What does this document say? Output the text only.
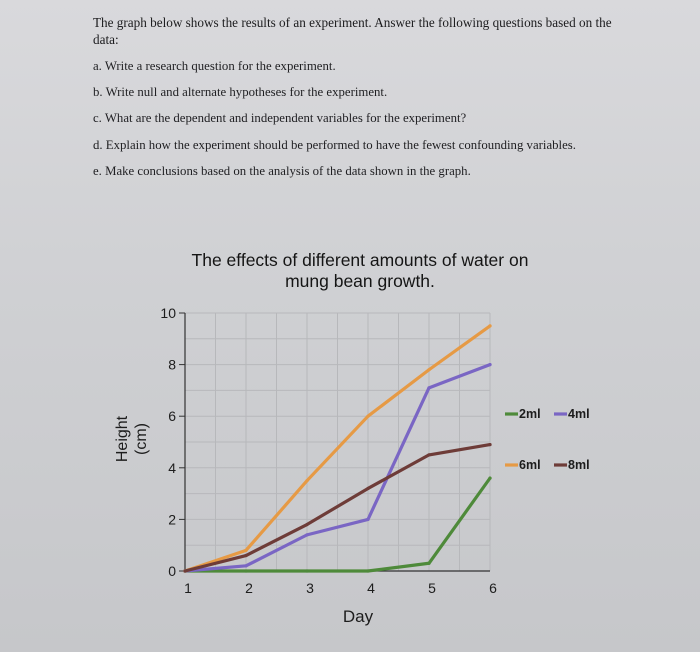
The graph below shows the results of an experiment. Answer the following questions based on the data:
a. Write a research question for the experiment.
b. Write null and alternate hypotheses for the experiment.
c. What are the dependent and independent variables for the experiment?
d. Explain how the experiment should be performed to have the fewest confounding variables.
e. Make conclusions based on the analysis of the data shown in the graph.
The effects of different amounts of water on
mung bean growth.
0
2
4
6
8
10
1	2	3	4	5	6
Day
Height (cm)
2ml 4ml
6ml 8ml
